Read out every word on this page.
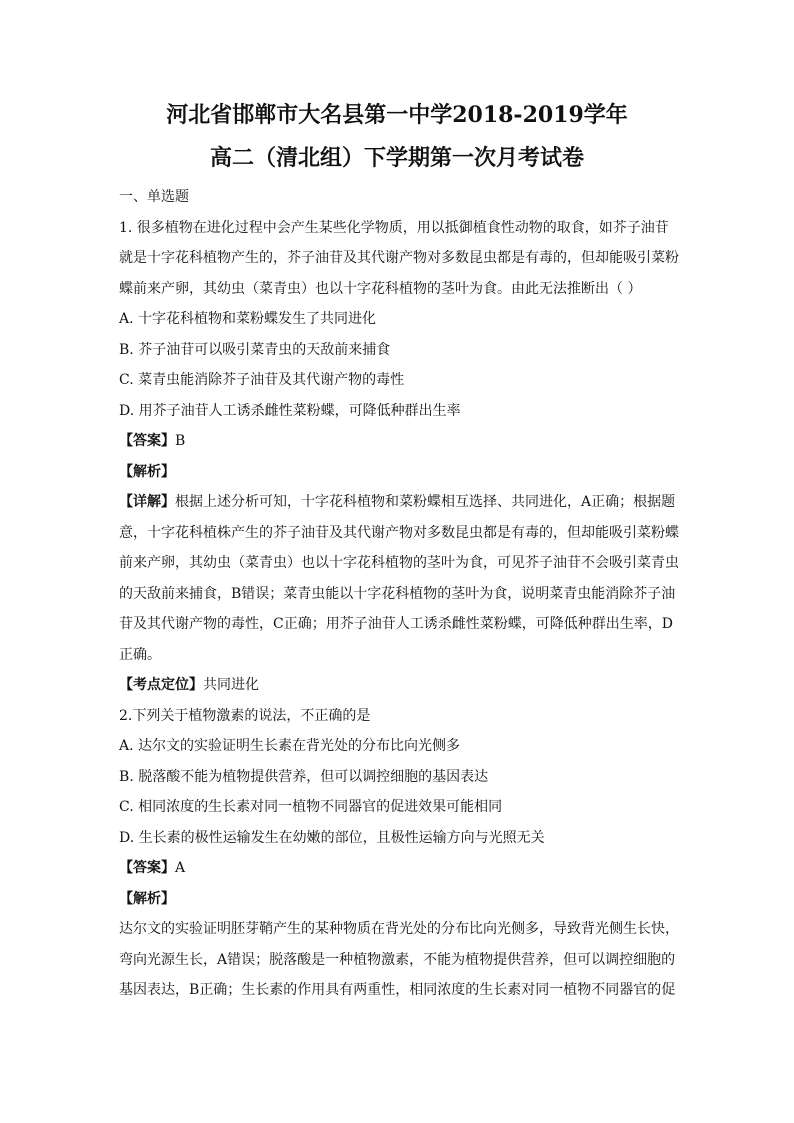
河北省邯郸市大名县第一中学2018-2019学年
高二（清北组）下学期第一次月考试卷
一、单选题
1. 很多植物在进化过程中会产生某些化学物质，用以抵御植食性动物的取食，如芥子油苷
就是十字花科植物产生的，芥子油苷及其代谢产物对多数昆虫都是有毒的，但却能吸引菜粉
蝶前来产卵，其幼虫（菜青虫）也以十字花科植物的茎叶为食。由此无法推断出（ ）
A. 十字花科植物和菜粉蝶发生了共同进化
B. 芥子油苷可以吸引菜青虫的天敌前来捕食
C. 菜青虫能消除芥子油苷及其代谢产物的毒性
D. 用芥子油苷人工诱杀雌性菜粉蝶，可降低种群出生率
【答案】B
【解析】
【详解】根据上述分析可知，十字花科植物和菜粉蝶相互选择、共同进化，A正确；根据题
意，十字花科植株产生的芥子油苷及其代谢产物对多数昆虫都是有毒的，但却能吸引菜粉蝶
前来产卵，其幼虫（菜青虫）也以十字花科植物的茎叶为食，可见芥子油苷不会吸引菜青虫
的天敌前来捕食，B错误；菜青虫能以十字花科植物的茎叶为食，说明菜青虫能消除芥子油
苷及其代谢产物的毒性，C正确；用芥子油苷人工诱杀雌性菜粉蝶，可降低种群出生率，D
正确。
【考点定位】共同进化
2.下列关于植物激素的说法，不正确的是
A. 达尔文的实验证明生长素在背光处的分布比向光侧多
B. 脱落酸不能为植物提供营养，但可以调控细胞的基因表达
C. 相同浓度的生长素对同一植物不同器官的促进效果可能相同
D. 生长素的极性运输发生在幼嫩的部位，且极性运输方向与光照无关
【答案】A
【解析】
达尔文的实验证明胚芽鞘产生的某种物质在背光处的分布比向光侧多，导致背光侧生长快，
弯向光源生长，A错误；脱落酸是一种植物激素，不能为植物提供营养，但可以调控细胞的
基因表达，B正确；生长素的作用具有两重性，相同浓度的生长素对同一植物不同器官的促
